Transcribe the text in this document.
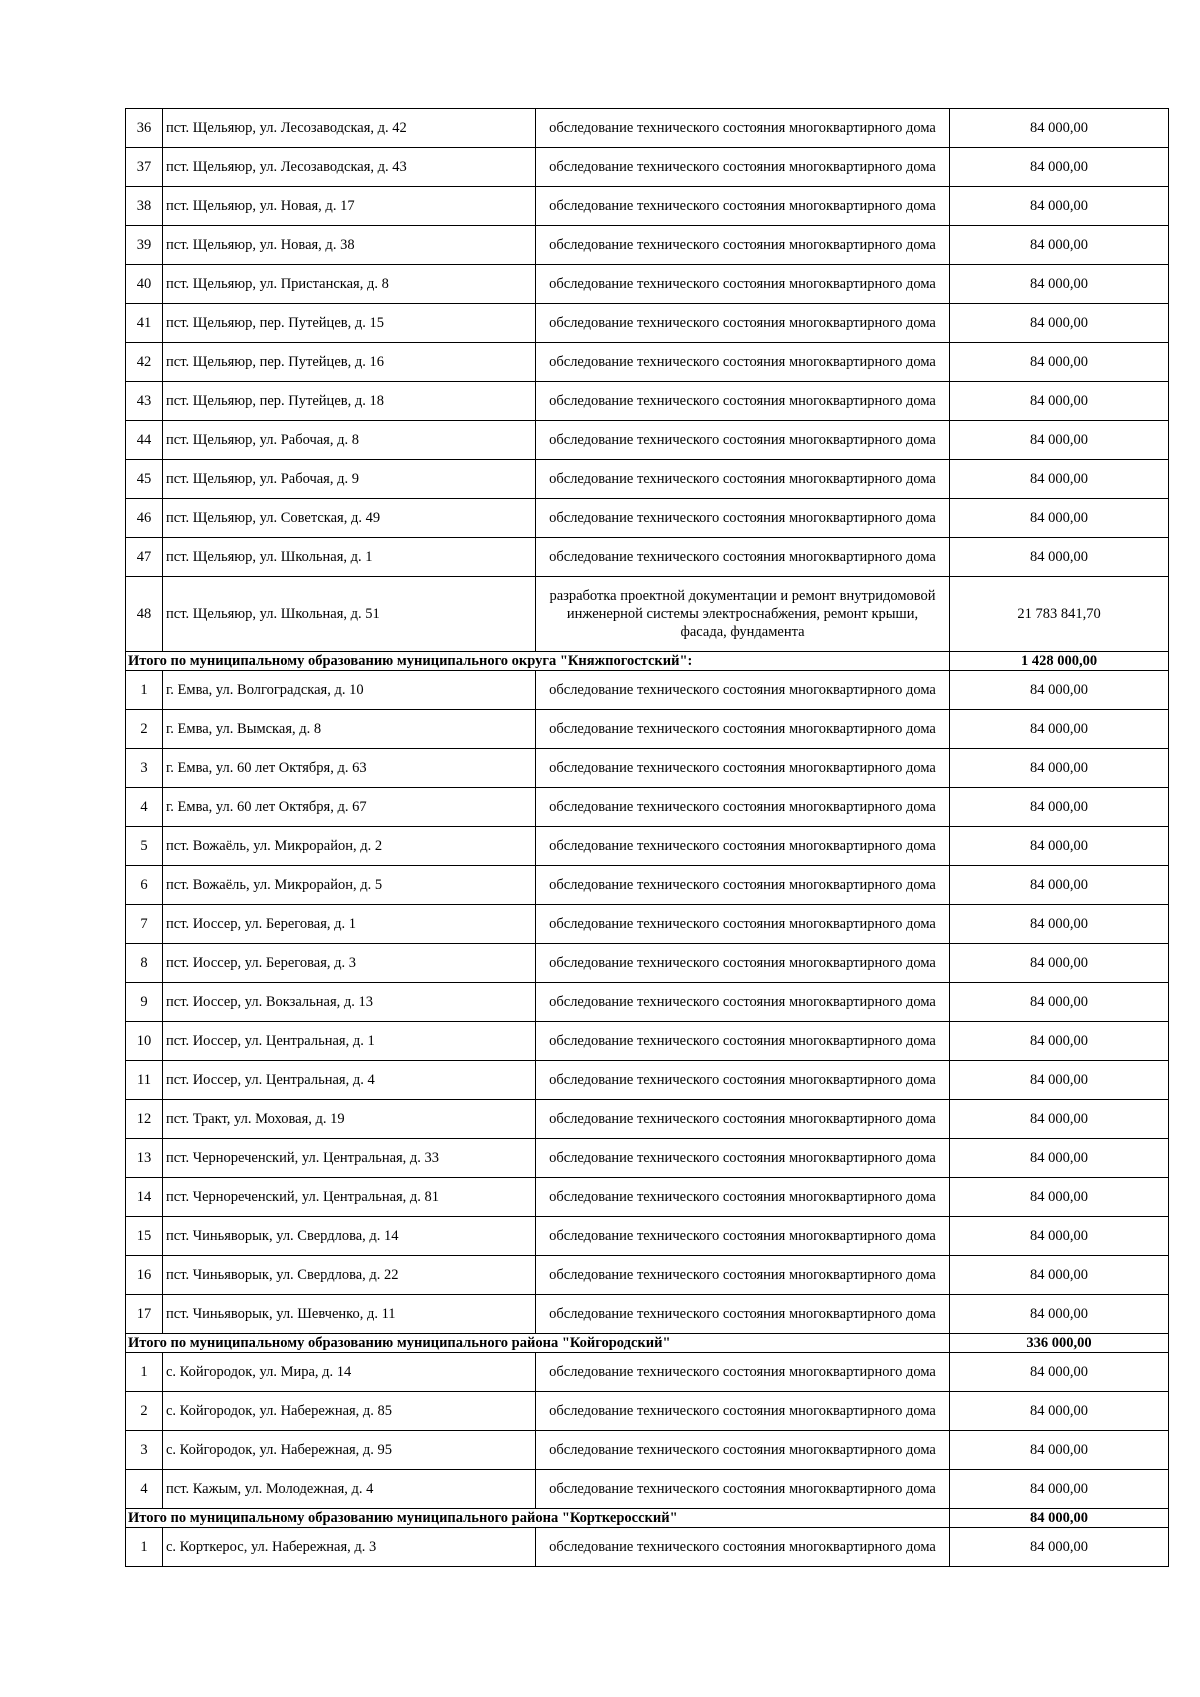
36	пст. Щельяюр, ул. Лесозаводская, д. 42	обследование технического состояния многоквартирного дома	84 000,00
37	пст. Щельяюр, ул. Лесозаводская, д. 43	обследование технического состояния многоквартирного дома	84 000,00
38	пст. Щельяюр, ул. Новая, д. 17	обследование технического состояния многоквартирного дома	84 000,00
39	пст. Щельяюр, ул. Новая, д. 38	обследование технического состояния многоквартирного дома	84 000,00
40	пст. Щельяюр, ул. Пристанская, д. 8	обследование технического состояния многоквартирного дома	84 000,00
41	пст. Щельяюр, пер. Путейцев, д. 15	обследование технического состояния многоквартирного дома	84 000,00
42	пст. Щельяюр, пер. Путейцев, д. 16	обследование технического состояния многоквартирного дома	84 000,00
43	пст. Щельяюр, пер. Путейцев, д. 18	обследование технического состояния многоквартирного дома	84 000,00
44	пст. Щельяюр, ул. Рабочая, д. 8	обследование технического состояния многоквартирного дома	84 000,00
45	пст. Щельяюр, ул. Рабочая, д. 9	обследование технического состояния многоквартирного дома	84 000,00
46	пст. Щельяюр, ул. Советская, д. 49	обследование технического состояния многоквартирного дома	84 000,00
47	пст. Щельяюр, ул. Школьная, д. 1	обследование технического состояния многоквартирного дома	84 000,00
48	пст. Щельяюр, ул. Школьная, д. 51	разработка проектной документации и ремонт внутридомовой инженерной системы электроснабжения, ремонт крыши, фасада, фундамента	21 783 841,70
Итого по муниципальному образованию муниципального округа "Княжпогостский":			1 428 000,00
1	г. Емва, ул. Волгоградская, д. 10	обследование технического состояния многоквартирного дома	84 000,00
2	г. Емва, ул. Вымская, д. 8	обследование технического состояния многоквартирного дома	84 000,00
3	г. Емва, ул. 60 лет Октября, д. 63	обследование технического состояния многоквартирного дома	84 000,00
4	г. Емва, ул. 60 лет Октября, д. 67	обследование технического состояния многоквартирного дома	84 000,00
5	пст. Вожаёль, ул. Микрорайон, д. 2	обследование технического состояния многоквартирного дома	84 000,00
6	пст. Вожаёль, ул. Микрорайон, д. 5	обследование технического состояния многоквартирного дома	84 000,00
7	пст. Иоссер, ул. Береговая, д. 1	обследование технического состояния многоквартирного дома	84 000,00
8	пст. Иоссер, ул. Береговая, д. 3	обследование технического состояния многоквартирного дома	84 000,00
9	пст. Иоссер, ул. Вокзальная, д. 13	обследование технического состояния многоквартирного дома	84 000,00
10	пст. Иоссер, ул. Центральная, д. 1	обследование технического состояния многоквартирного дома	84 000,00
11	пст. Иоссер, ул. Центральная, д. 4	обследование технического состояния многоквартирного дома	84 000,00
12	пст. Тракт, ул. Моховая, д. 19	обследование технического состояния многоквартирного дома	84 000,00
13	пст. Чернореченский, ул. Центральная, д. 33	обследование технического состояния многоквартирного дома	84 000,00
14	пст. Чернореченский, ул. Центральная, д. 81	обследование технического состояния многоквартирного дома	84 000,00
15	пст. Чиньяворык, ул. Свердлова, д. 14	обследование технического состояния многоквартирного дома	84 000,00
16	пст. Чиньяворык, ул. Свердлова, д. 22	обследование технического состояния многоквартирного дома	84 000,00
17	пст. Чиньяворык, ул. Шевченко, д. 11	обследование технического состояния многоквартирного дома	84 000,00
Итого по муниципальному образованию муниципального района "Койгородский"			336 000,00
1	с. Койгородок, ул. Мира, д. 14	обследование технического состояния многоквартирного дома	84 000,00
2	с. Койгородок, ул. Набережная, д. 85	обследование технического состояния многоквартирного дома	84 000,00
3	с. Койгородок, ул. Набережная, д. 95	обследование технического состояния многоквартирного дома	84 000,00
4	пст. Кажым, ул. Молодежная, д. 4	обследование технического состояния многоквартирного дома	84 000,00
Итого по муниципальному образованию муниципального района "Корткеросский"			84 000,00
1	с. Корткерос, ул. Набережная, д. 3	обследование технического состояния многоквартирного дома	84 000,00
